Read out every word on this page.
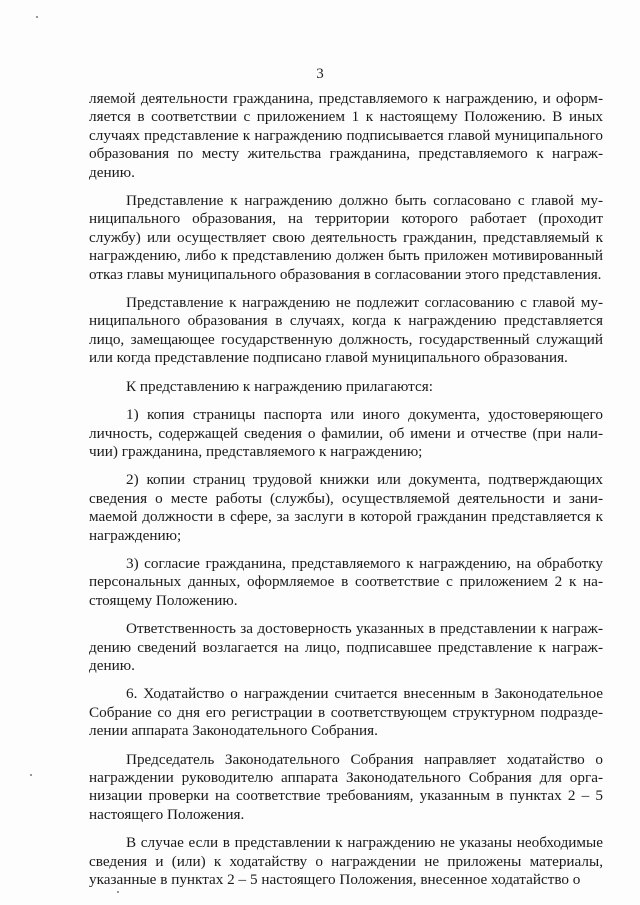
3

ляемой деятельности гражданина, представляемого к награждению, и оформляется в соответствии с приложением 1 к настоящему Положению. В иных случаях представление к награждению подписывается главой муниципального образования по месту жительства гражданина, представляемого к награждению.

Представление к награждению должно быть согласовано с главой муниципального образования, на территории которого работает (проходит службу) или осуществляет свою деятельность гражданин, представляемый к награждению, либо к представлению должен быть приложен мотивированный отказ главы муниципального образования в согласовании этого представления.

Представление к награждению не подлежит согласованию с главой муниципального образования в случаях, когда к награждению представляется лицо, замещающее государственную должность, государственный служащий или когда представление подписано главой муниципального образования.

К представлению к награждению прилагаются:

1) копия страницы паспорта или иного документа, удостоверяющего личность, содержащей сведения о фамилии, об имени и отчестве (при наличии) гражданина, представляемого к награждению;

2) копии страниц трудовой книжки или документа, подтверждающих сведения о месте работы (службы), осуществляемой деятельности и занимаемой должности в сфере, за заслуги в которой гражданин представляется к награждению;

3) согласие гражданина, представляемого к награждению, на обработку персональных данных, оформляемое в соответствие с приложением 2 к настоящему Положению.

Ответственность за достоверность указанных в представлении к награждению сведений возлагается на лицо, подписавшее представление к награждению.

6. Ходатайство о награждении считается внесенным в Законодательное Собрание со дня его регистрации в соответствующем структурном подразделении аппарата Законодательного Собрания.

Председатель Законодательного Собрания направляет ходатайство о награждении руководителю аппарата Законодательного Собрания для организации проверки на соответствие требованиям, указанным в пунктах 2 – 5 настоящего Положения.

В случае если в представлении к награждению не указаны необходимые сведения и (или) к ходатайству о награждении не приложены материалы, указанные в пунктах 2 – 5 настоящего Положения, внесенное ходатайство о
